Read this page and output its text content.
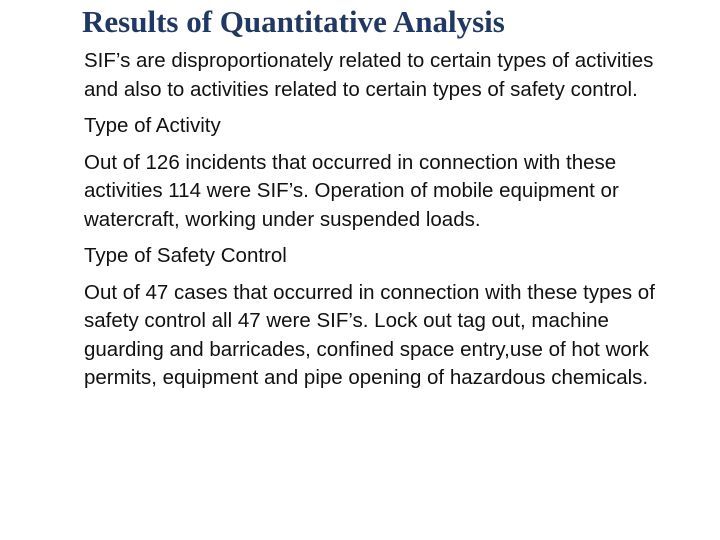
Results of Quantitative Analysis

SIF’s are disproportionately related to certain types of activities and also to activities related to certain types of safety control.

Type of Activity

Out of 126 incidents that occurred in connection with these activities 114 were SIF’s. Operation of mobile equipment or watercraft, working under suspended loads.

Type of Safety Control

Out of 47 cases that occurred in connection with these types of safety control all 47 were SIF’s. Lock out tag out, machine guarding and barricades, confined space entry,use of hot work permits, equipment and pipe opening of hazardous chemicals.
